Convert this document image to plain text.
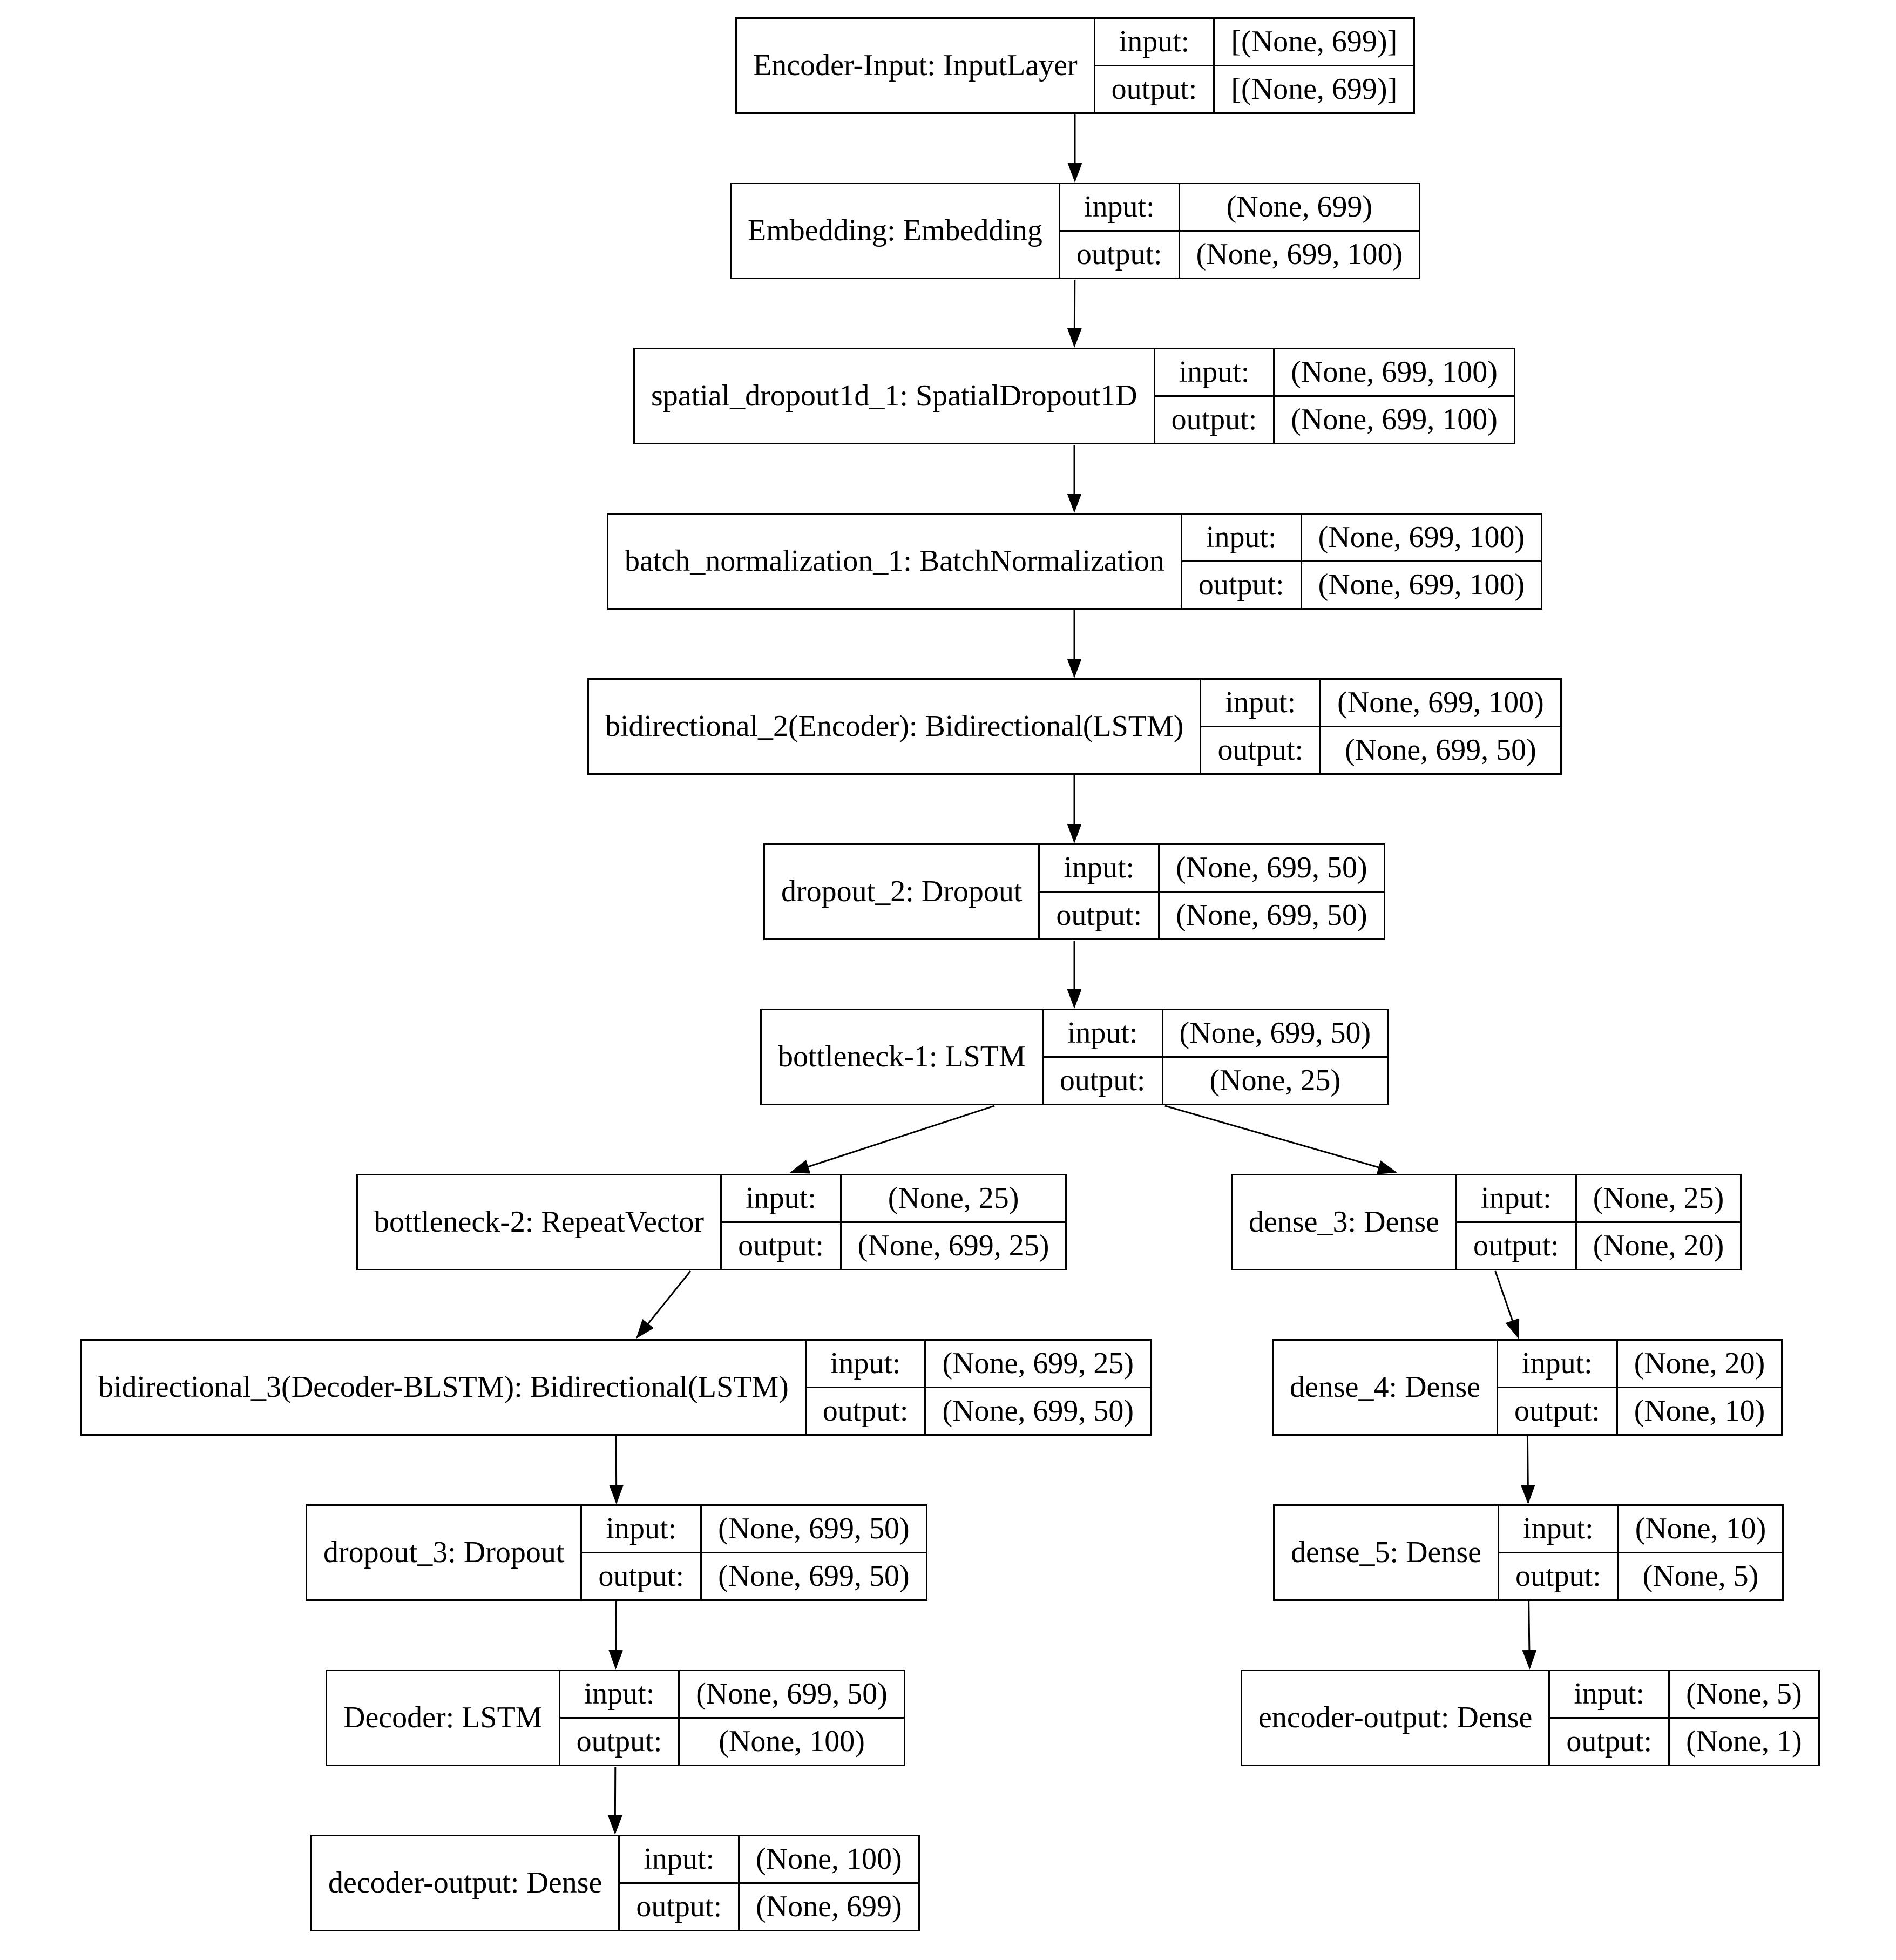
Encoder-Input: InputLayer	input:	[(None, 699)]
	output:	[(None, 699)]
Embedding: Embedding	input:	(None, 699)
	output:	(None, 699, 100)
spatial_dropout1d_1: SpatialDropout1D	input:	(None, 699, 100)
	output:	(None, 699, 100)
batch_normalization_1: BatchNormalization	input:	(None, 699, 100)
	output:	(None, 699, 100)
bidirectional_2(Encoder): Bidirectional(LSTM)	input:	(None, 699, 100)
	output:	(None, 699, 50)
dropout_2: Dropout	input:	(None, 699, 50)
	output:	(None, 699, 50)
bottleneck-1: LSTM	input:	(None, 699, 50)
	output:	(None, 25)
bottleneck-2: RepeatVector	input:	(None, 25)
	output:	(None, 699, 25)
dense_3: Dense	input:	(None, 25)
	output:	(None, 20)
bidirectional_3(Decoder-BLSTM): Bidirectional(LSTM)	input:	(None, 699, 25)
	output:	(None, 699, 50)
dense_4: Dense	input:	(None, 20)
	output:	(None, 10)
dropout_3: Dropout	input:	(None, 699, 50)
	output:	(None, 699, 50)
dense_5: Dense	input:	(None, 10)
	output:	(None, 5)
Decoder: LSTM	input:	(None, 699, 50)
	output:	(None, 100)
encoder-output: Dense	input:	(None, 5)
	output:	(None, 1)
decoder-output: Dense	input:	(None, 100)
	output:	(None, 699)
